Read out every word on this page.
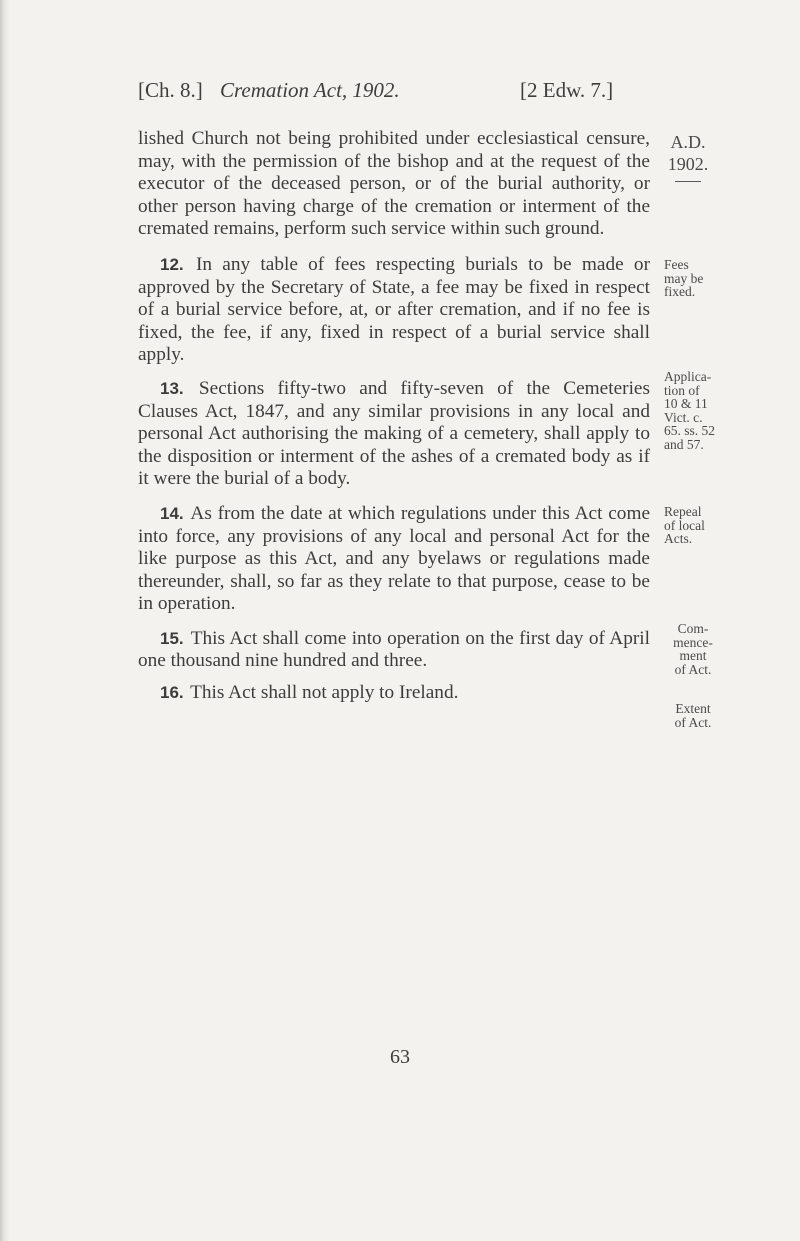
[Ch. 8.] Cremation Act, 1902.	[2 Edw. 7.]

lished Church not being prohibited under ecclesiastical censure, may, with the permission of the bishop and at the request of the executor of the deceased person, or of the burial authority, or other person having charge of the cremation or interment of the cremated remains, perform such service within such ground.

12. In any table of fees respecting burials to be made or approved by the Secretary of State, a fee may be fixed in respect of a burial service before, at, or after cremation, and if no fee is fixed, the fee, if any, fixed in respect of a burial service shall apply.

13. Sections fifty-two and fifty-seven of the Cemeteries Clauses Act, 1847, and any similar provisions in any local and personal Act authorising the making of a cemetery, shall apply to the disposition or interment of the ashes of a cremated body as if it were the burial of a body.

14. As from the date at which regulations under this Act come into force, any provisions of any local and personal Act for the like purpose as this Act, and any byelaws or regulations made thereunder, shall, so far as they relate to that purpose, cease to be in operation.

15. This Act shall come into operation on the first day of April one thousand nine hundred and three.

16. This Act shall not apply to Ireland.

A.D.
1902.
Fees
may be
fixed.
Applica-
tion of
10 & 11
Vict. c.
65. ss. 52
and 57.
Repeal
of local
Acts.
Com-
mence-
ment
of Act.
Extent
of Act.
63
